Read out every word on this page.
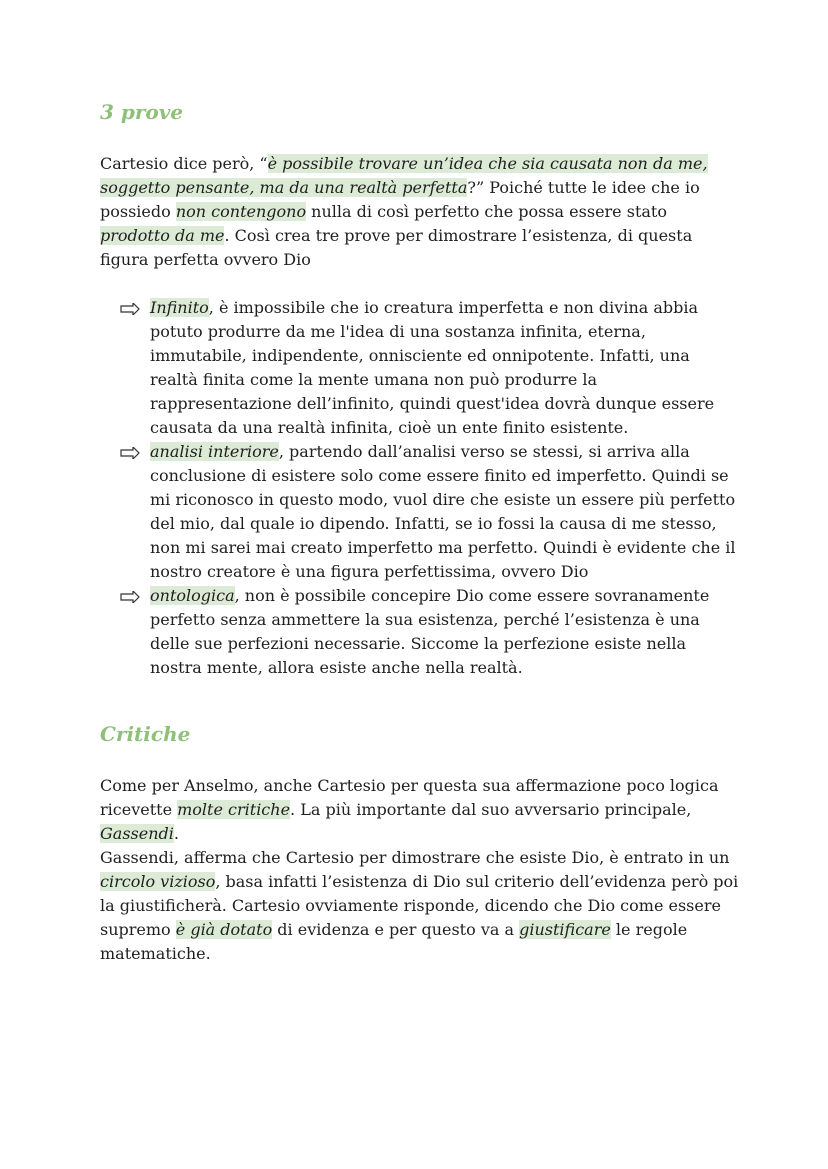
3 prove

Cartesio dice però, “è possibile trovare un’idea che sia causata non da me, soggetto pensante, ma da una realtà perfetta?” Poiché tutte le idee che io possiedo non contengono nulla di così perfetto che possa essere stato prodotto da me. Così crea tre prove per dimostrare l’esistenza, di questa figura perfetta ovvero Dio

Infinito, è impossibile che io creatura imperfetta e non divina abbia potuto produrre da me l'idea di una sostanza infinita, eterna, immutabile, indipendente, onnisciente ed onnipotente. Infatti, una realtà finita come la mente umana non può produrre la rappresentazione dell’infinito, quindi quest'idea dovrà dunque essere causata da una realtà infinita, cioè un ente finito esistente.
analisi interiore, partendo dall’analisi verso se stessi, si arriva alla conclusione di esistere solo come essere finito ed imperfetto. Quindi se mi riconosco in questo modo, vuol dire che esiste un essere più perfetto del mio, dal quale io dipendo. Infatti, se io fossi la causa di me stesso, non mi sarei mai creato imperfetto ma perfetto. Quindi è evidente che il nostro creatore è una figura perfettissima, ovvero Dio
ontologica, non è possibile concepire Dio come essere sovranamente perfetto senza ammettere la sua esistenza, perché l’esistenza è una delle sue perfezioni necessarie. Siccome la perfezione esiste nella nostra mente, allora esiste anche nella realtà.
Critiche

Come per Anselmo, anche Cartesio per questa sua affermazione poco logica ricevette molte critiche. La più importante dal suo avversario principale, Gassendi.

Gassendi, afferma che Cartesio per dimostrare che esiste Dio, è entrato in un circolo vizioso, basa infatti l’esistenza di Dio sul criterio dell’evidenza però poi la giustificherà. Cartesio ovviamente risponde, dicendo che Dio come essere supremo è già dotato di evidenza e per questo va a giustificare le regole matematiche.
